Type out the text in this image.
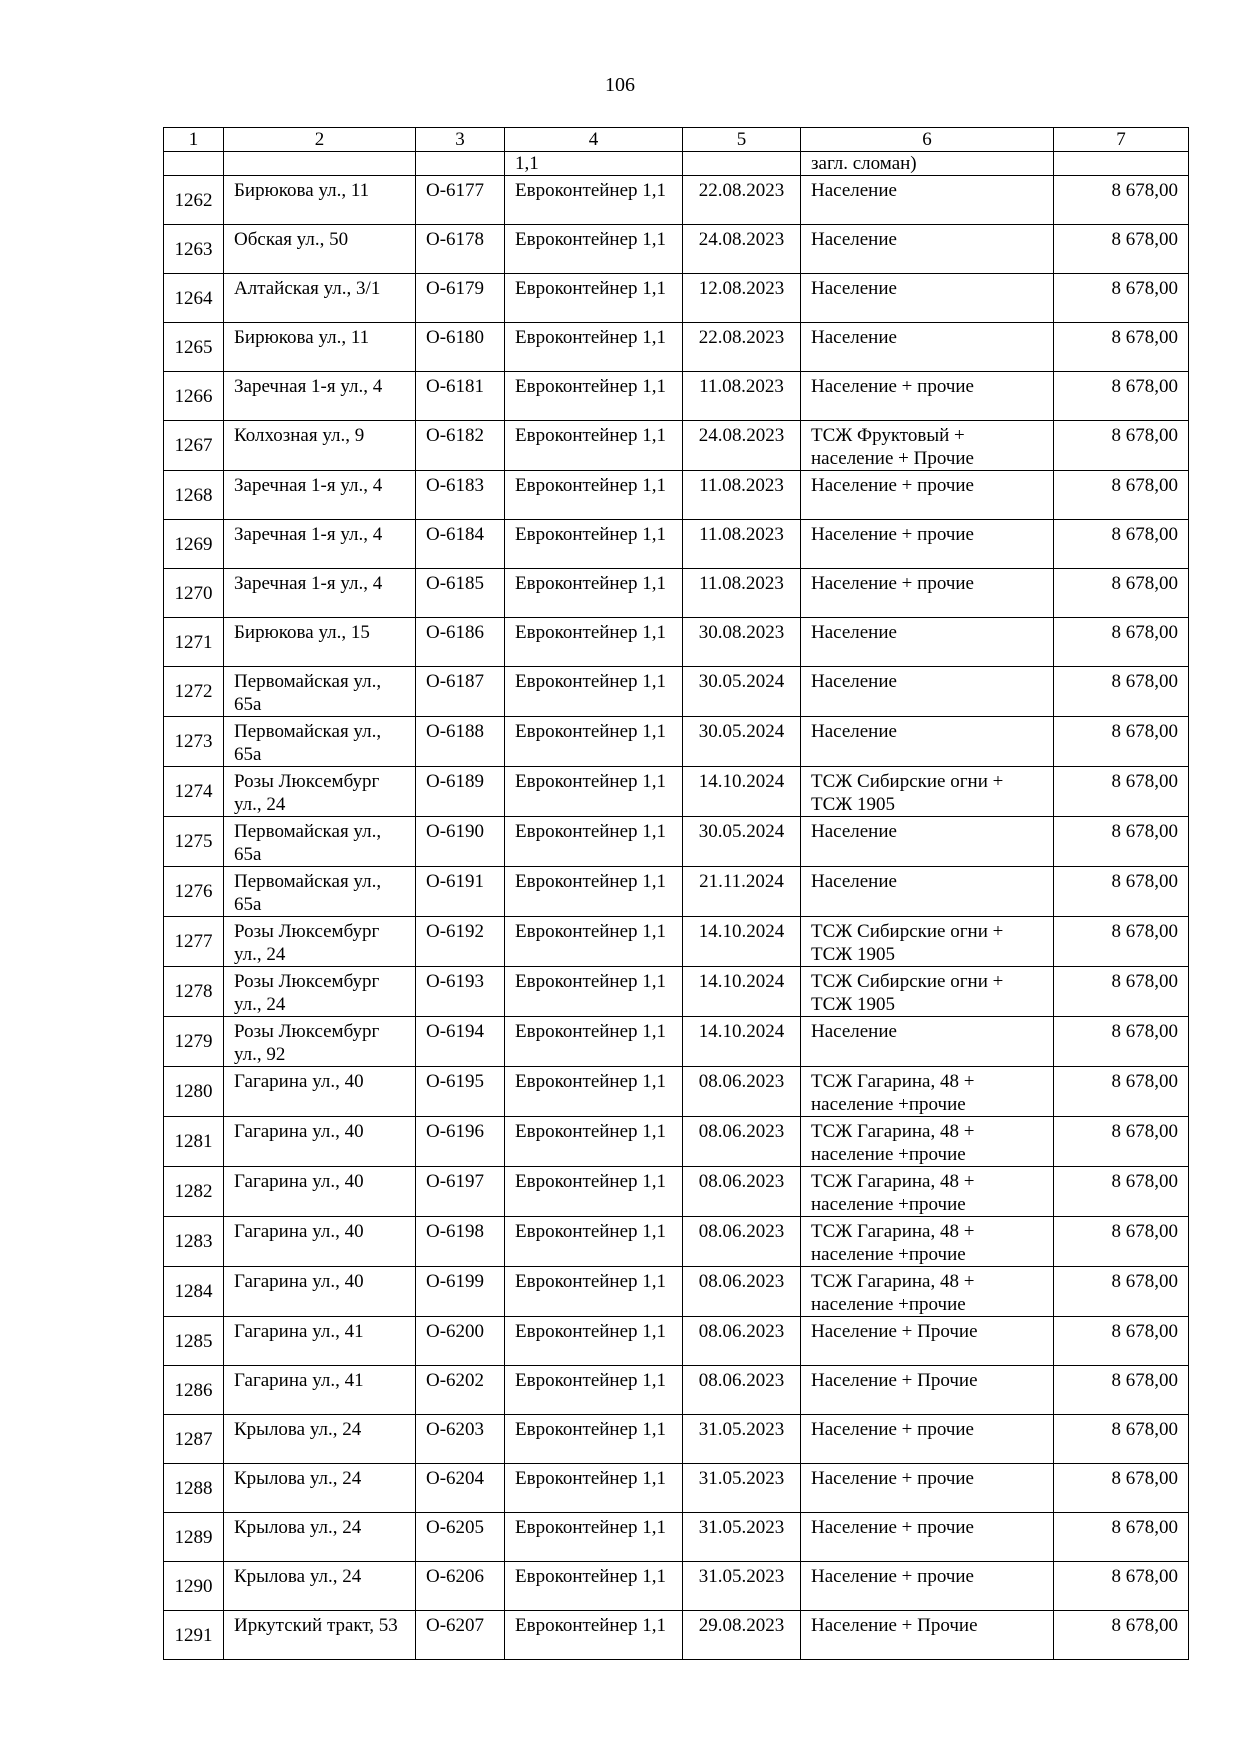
106
1	2	3	4	5	6	7
			1,1		загл. сломан)	
1262	Бирюкова ул., 11	О-6177	Евроконтейнер 1,1	22.08.2023	Население	8 678,00
1263	Обская ул., 50	О-6178	Евроконтейнер 1,1	24.08.2023	Население	8 678,00
1264	Алтайская ул., 3/1	О-6179	Евроконтейнер 1,1	12.08.2023	Население	8 678,00
1265	Бирюкова ул., 11	О-6180	Евроконтейнер 1,1	22.08.2023	Население	8 678,00
1266	Заречная 1-я ул., 4	О-6181	Евроконтейнер 1,1	11.08.2023	Население + прочие	8 678,00
1267	Колхозная ул., 9	О-6182	Евроконтейнер 1,1	24.08.2023	ТСЖ Фруктовый + население + Прочие	8 678,00
1268	Заречная 1-я ул., 4	О-6183	Евроконтейнер 1,1	11.08.2023	Население + прочие	8 678,00
1269	Заречная 1-я ул., 4	О-6184	Евроконтейнер 1,1	11.08.2023	Население + прочие	8 678,00
1270	Заречная 1-я ул., 4	О-6185	Евроконтейнер 1,1	11.08.2023	Население + прочие	8 678,00
1271	Бирюкова ул., 15	О-6186	Евроконтейнер 1,1	30.08.2023	Население	8 678,00
1272	Первомайская ул., 65а	О-6187	Евроконтейнер 1,1	30.05.2024	Население	8 678,00
1273	Первомайская ул., 65а	О-6188	Евроконтейнер 1,1	30.05.2024	Население	8 678,00
1274	Розы Люксембург ул., 24	О-6189	Евроконтейнер 1,1	14.10.2024	ТСЖ Сибирские огни + ТСЖ 1905	8 678,00
1275	Первомайская ул., 65а	О-6190	Евроконтейнер 1,1	30.05.2024	Население	8 678,00
1276	Первомайская ул., 65а	О-6191	Евроконтейнер 1,1	21.11.2024	Население	8 678,00
1277	Розы Люксембург ул., 24	О-6192	Евроконтейнер 1,1	14.10.2024	ТСЖ Сибирские огни + ТСЖ 1905	8 678,00
1278	Розы Люксембург ул., 24	О-6193	Евроконтейнер 1,1	14.10.2024	ТСЖ Сибирские огни + ТСЖ 1905	8 678,00
1279	Розы Люксембург ул., 92	О-6194	Евроконтейнер 1,1	14.10.2024	Население	8 678,00
1280	Гагарина ул., 40	О-6195	Евроконтейнер 1,1	08.06.2023	ТСЖ Гагарина, 48 + население +прочие	8 678,00
1281	Гагарина ул., 40	О-6196	Евроконтейнер 1,1	08.06.2023	ТСЖ Гагарина, 48 + население +прочие	8 678,00
1282	Гагарина ул., 40	О-6197	Евроконтейнер 1,1	08.06.2023	ТСЖ Гагарина, 48 + население +прочие	8 678,00
1283	Гагарина ул., 40	О-6198	Евроконтейнер 1,1	08.06.2023	ТСЖ Гагарина, 48 + население +прочие	8 678,00
1284	Гагарина ул., 40	О-6199	Евроконтейнер 1,1	08.06.2023	ТСЖ Гагарина, 48 + население +прочие	8 678,00
1285	Гагарина ул., 41	О-6200	Евроконтейнер 1,1	08.06.2023	Население + Прочие	8 678,00
1286	Гагарина ул., 41	О-6202	Евроконтейнер 1,1	08.06.2023	Население + Прочие	8 678,00
1287	Крылова ул., 24	О-6203	Евроконтейнер 1,1	31.05.2023	Население + прочие	8 678,00
1288	Крылова ул., 24	О-6204	Евроконтейнер 1,1	31.05.2023	Население + прочие	8 678,00
1289	Крылова ул., 24	О-6205	Евроконтейнер 1,1	31.05.2023	Население + прочие	8 678,00
1290	Крылова ул., 24	О-6206	Евроконтейнер 1,1	31.05.2023	Население + прочие	8 678,00
1291	Иркутский тракт, 53	О-6207	Евроконтейнер 1,1	29.08.2023	Население + Прочие	8 678,00
